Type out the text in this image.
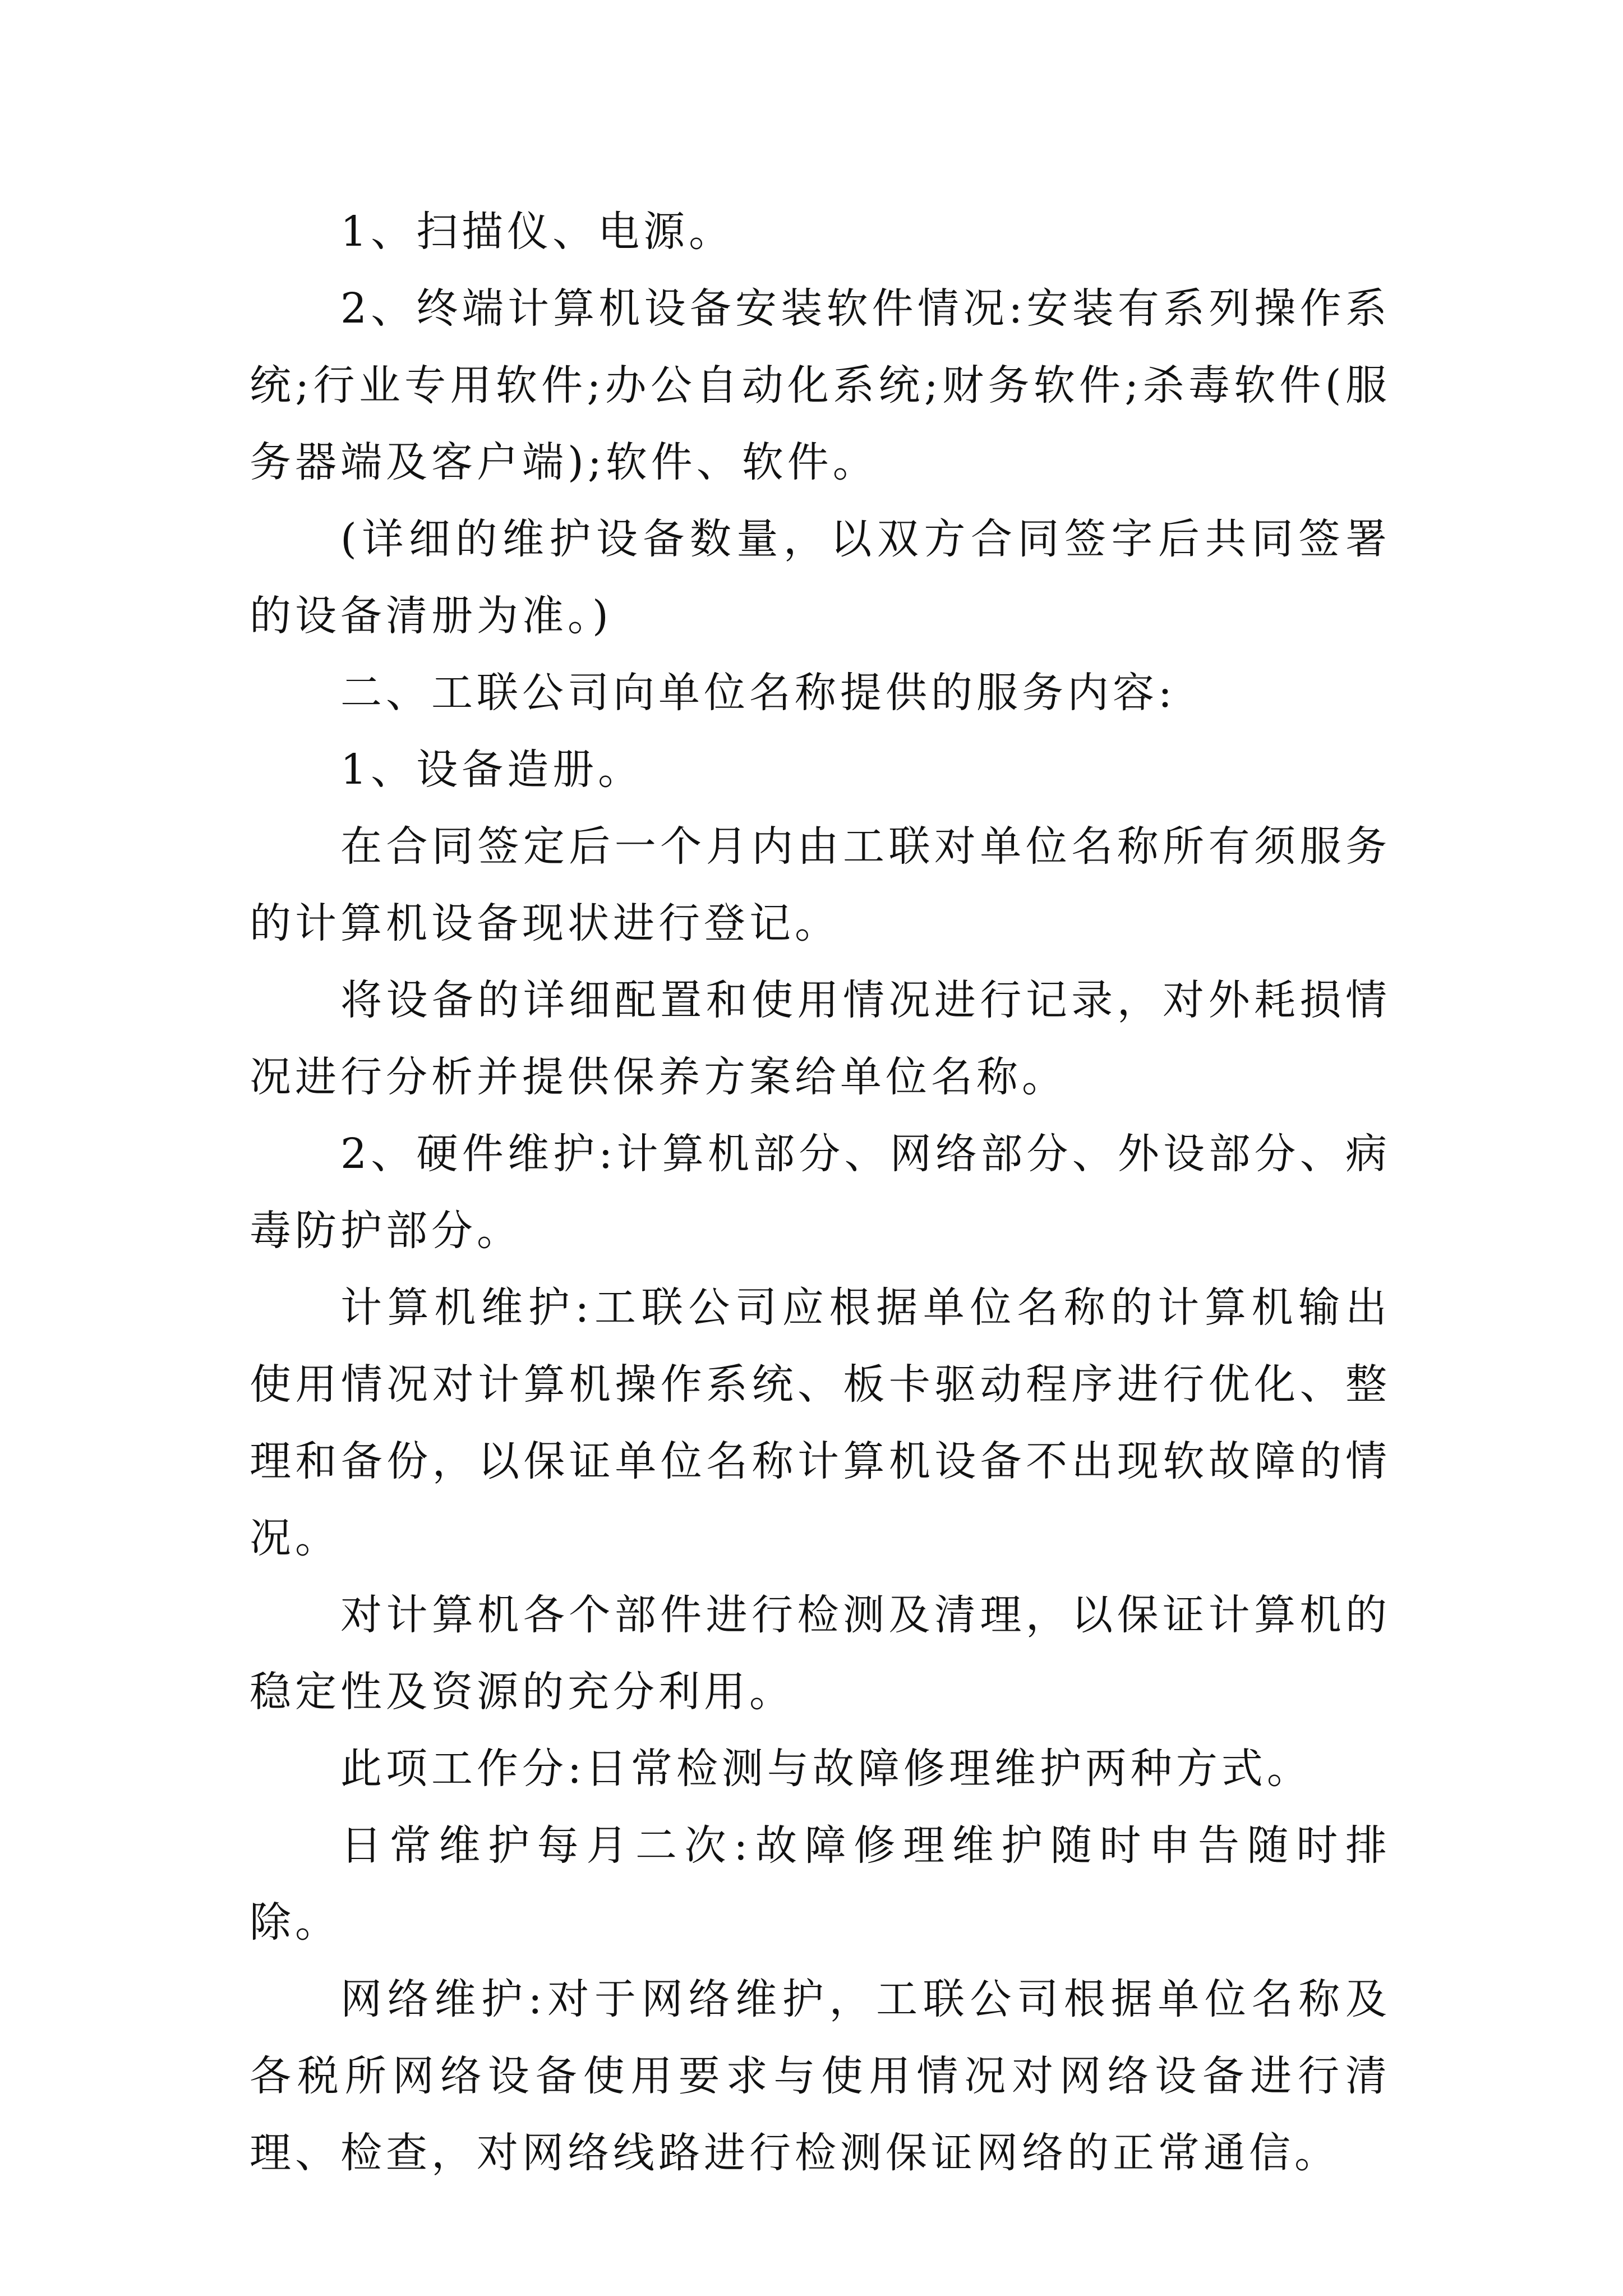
1、扫描仪、电源。

2、终端计算机设备安装软件情况:安装有系列操作系统;行业专用软件;办公自动化系统;财务软件;杀毒软件(服务器端及客户端);软件、软件。

(详细的维护设备数量，以双方合同签字后共同签署的设备清册为准。)

二、工联公司向单位名称提供的服务内容:

1、设备造册。

在合同签定后一个月内由工联对单位名称所有须服务的计算机设备现状进行登记。

将设备的详细配置和使用情况进行记录，对外耗损情况进行分析并提供保养方案给单位名称。

2、硬件维护:计算机部分、网络部分、外设部分、病毒防护部分。

计算机维护:工联公司应根据单位名称的计算机输出使用情况对计算机操作系统、板卡驱动程序进行优化、整理和备份，以保证单位名称计算机设备不出现软故障的情况。

对计算机各个部件进行检测及清理，以保证计算机的稳定性及资源的充分利用。

此项工作分:日常检测与故障修理维护两种方式。

日常维护每月二次:故障修理维护随时申告随时排除。

网络维护:对于网络维护，工联公司根据单位名称及各税所网络设备使用要求与使用情况对网络设备进行清理、检查，对网络线路进行检测保证网络的正常通信。
